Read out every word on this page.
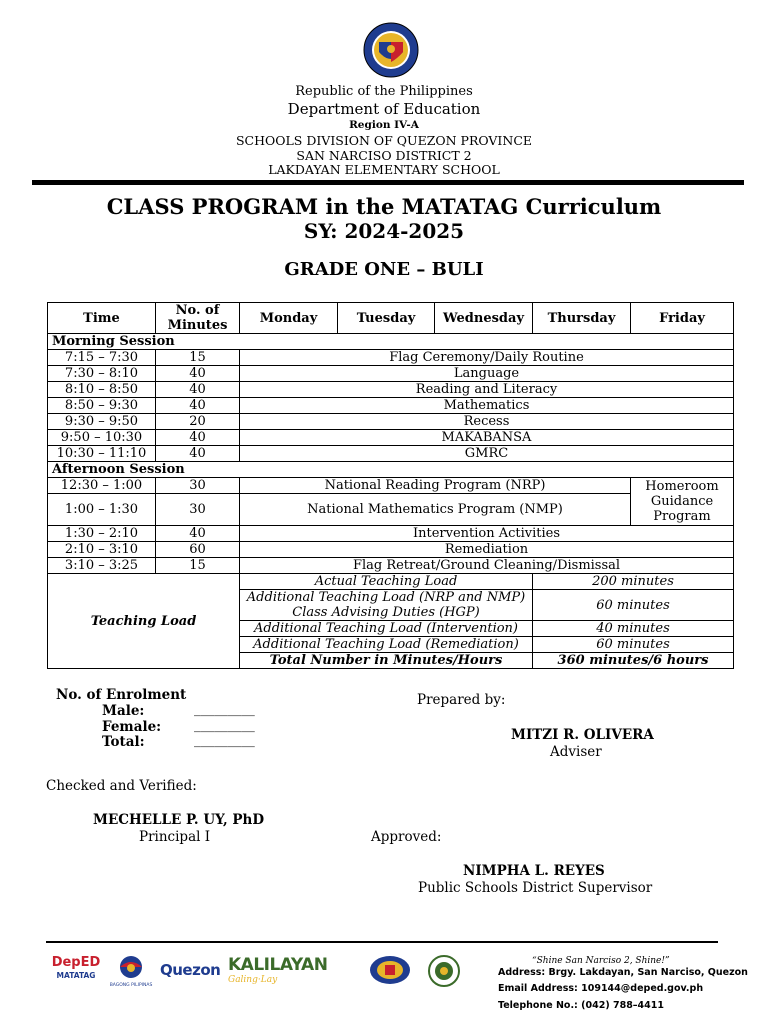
Republic of the Philippines
Department of Education
Region IV-A
SCHOOLS DIVISION OF QUEZON PROVINCE
SAN NARCISO DISTRICT 2
LAKDAYAN ELEMENTARY SCHOOL
CLASS PROGRAM in the MATATAG Curriculum
SY: 2024-2025
GRADE ONE – BULI
Time	No. of Minutes	Monday	Tuesday	Wednesday	Thursday	Friday
Morning Session						
7:15 – 7:30	15	Flag Ceremony/Daily Routine				
7:30 – 8:10	40	Language				
8:10 – 8:50	40	Reading and Literacy				
8:50 – 9:30	40	Mathematics				
9:30 – 9:50	20	Recess				
9:50 – 10:30	40	MAKABANSA				
10:30 – 11:10	40	GMRC				
Afternoon Session						
12:30 – 1:00	30	National Reading Program (NRP)				Homeroom Guidance Program
1:00 – 1:30	30	National Mathematics Program (NMP)				
1:30 – 2:10	40	Intervention Activities				
2:10 – 3:10	60	Remediation				
3:10 – 3:25	15	Flag Retreat/Ground Cleaning/Dismissal				
Teaching Load		Actual Teaching Load			200 minutes	
		Additional Teaching Load (NRP and NMP) Class Advising Duties (HGP)			60 minutes	
		Additional Teaching Load (Intervention)			40 minutes	
		Additional Teaching Load (Remediation)			60 minutes	
		Total Number in Minutes/Hours			360 minutes/6 hours	
No. of Enrolment
Male:	_________
Female: _________
Total:	_________
Prepared by:
MITZI R. OLIVERA
Adviser
Checked and Verified:
MECHELLE P. UY, PhD
Principal I	Approved:
NIMPHA L. REYES
Public Schools District Supervisor
DepED
MATATAG
BAGONG PILIPINAS
Quezon KALILAYAN
Galing·Lay
“Shine San Narciso 2, Shine!”
Address: Brgy. Lakdayan, San Narciso, Quezon
Email Address: 109144@deped.gov.ph
Telephone No.: (042) 788–4411
